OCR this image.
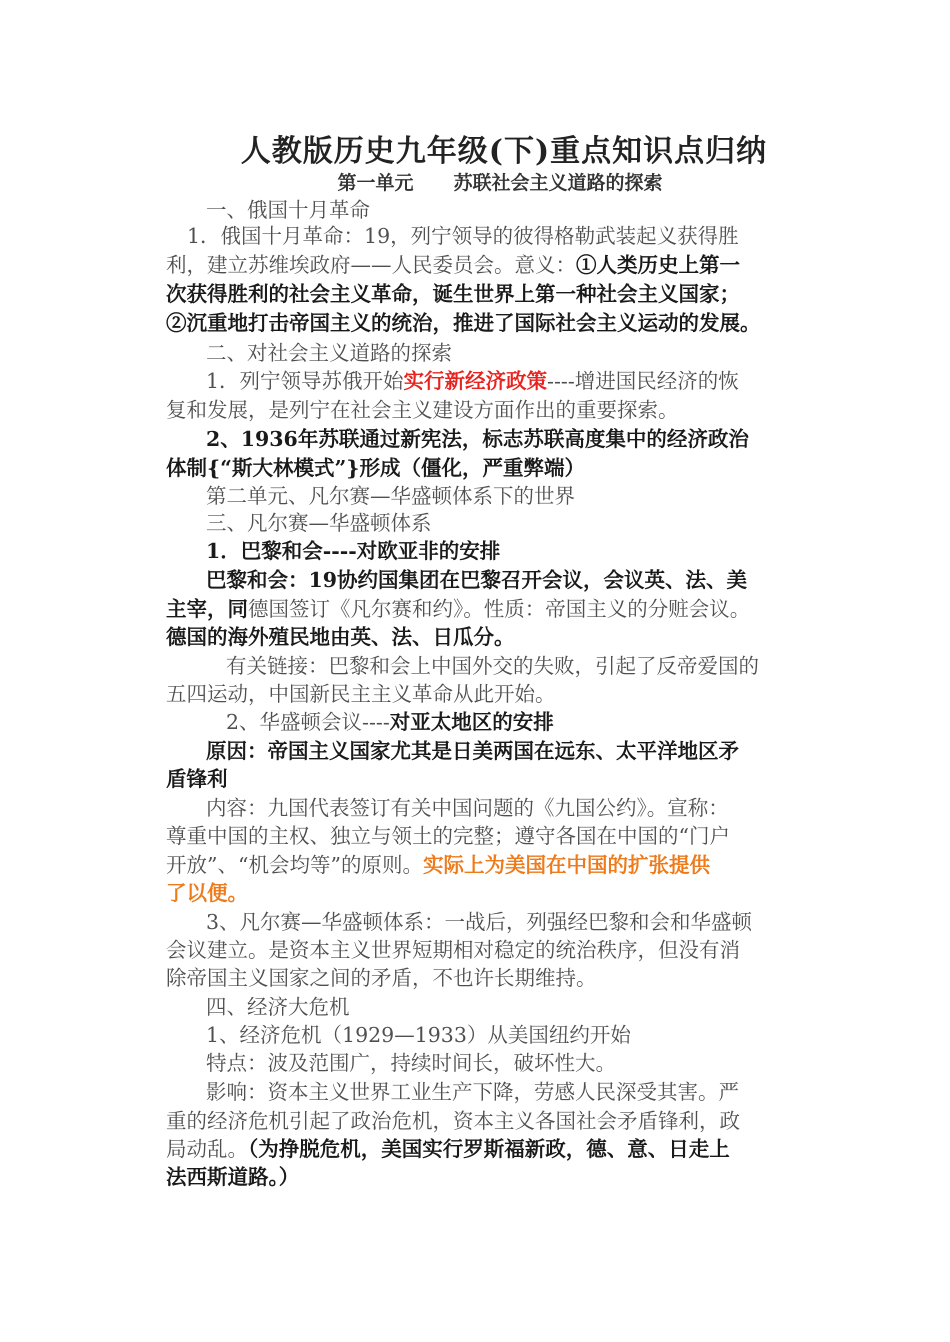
人教版历史九年级(下)重点知识点归纳
第一单元 苏联社会主义道路的探索
一、俄国十月革命
1．俄国十月革命：19，列宁领导的彼得格勒武装起义获得胜
利，建立苏维埃政府——人民委员会。意义：①人类历史上第一
次获得胜利的社会主义革命，诞生世界上第一种社会主义国家；
②沉重地打击帝国主义的统治，推进了国际社会主义运动的发展。
二、对社会主义道路的探索
1．列宁领导苏俄开始实行新经济政策----增进国民经济的恢
复和发展，是列宁在社会主义建设方面作出的重要探索。
2、1936年苏联通过新宪法，标志苏联高度集中的经济政治
体制{“斯大林模式”}形成（僵化，严重弊端）
第二单元、凡尔赛—华盛顿体系下的世界
三、凡尔赛—华盛顿体系
1．巴黎和会----对欧亚非的安排
巴黎和会：19协约国集团在巴黎召开会议，会议英、法、美
主宰，同德国签订《凡尔赛和约》。性质：帝国主义的分赃会议。
德国的海外殖民地由英、法、日瓜分。
有关链接：巴黎和会上中国外交的失败，引起了反帝爱国的
五四运动，中国新民主主义革命从此开始。
2、华盛顿会议----对亚太地区的安排
原因：帝国主义国家尤其是日美两国在远东、太平洋地区矛
盾锋利
内容：九国代表签订有关中国问题的《九国公约》。宣称：
尊重中国的主权、独立与领土的完整；遵守各国在中国的“门户
开放”、“机会均等”的原则。实际上为美国在中国的扩张提供
了以便。
3、凡尔赛—华盛顿体系：一战后，列强经巴黎和会和华盛顿
会议建立。是资本主义世界短期相对稳定的统治秩序，但没有消
除帝国主义国家之间的矛盾，不也许长期维持。
四、经济大危机
1、经济危机（1929—1933）从美国纽约开始
特点：波及范围广，持续时间长，破坏性大。
影响：资本主义世界工业生产下降，劳感人民深受其害。严
重的经济危机引起了政治危机，资本主义各国社会矛盾锋利，政
局动乱。（为挣脱危机，美国实行罗斯福新政，德、意、日走上
法西斯道路。）
